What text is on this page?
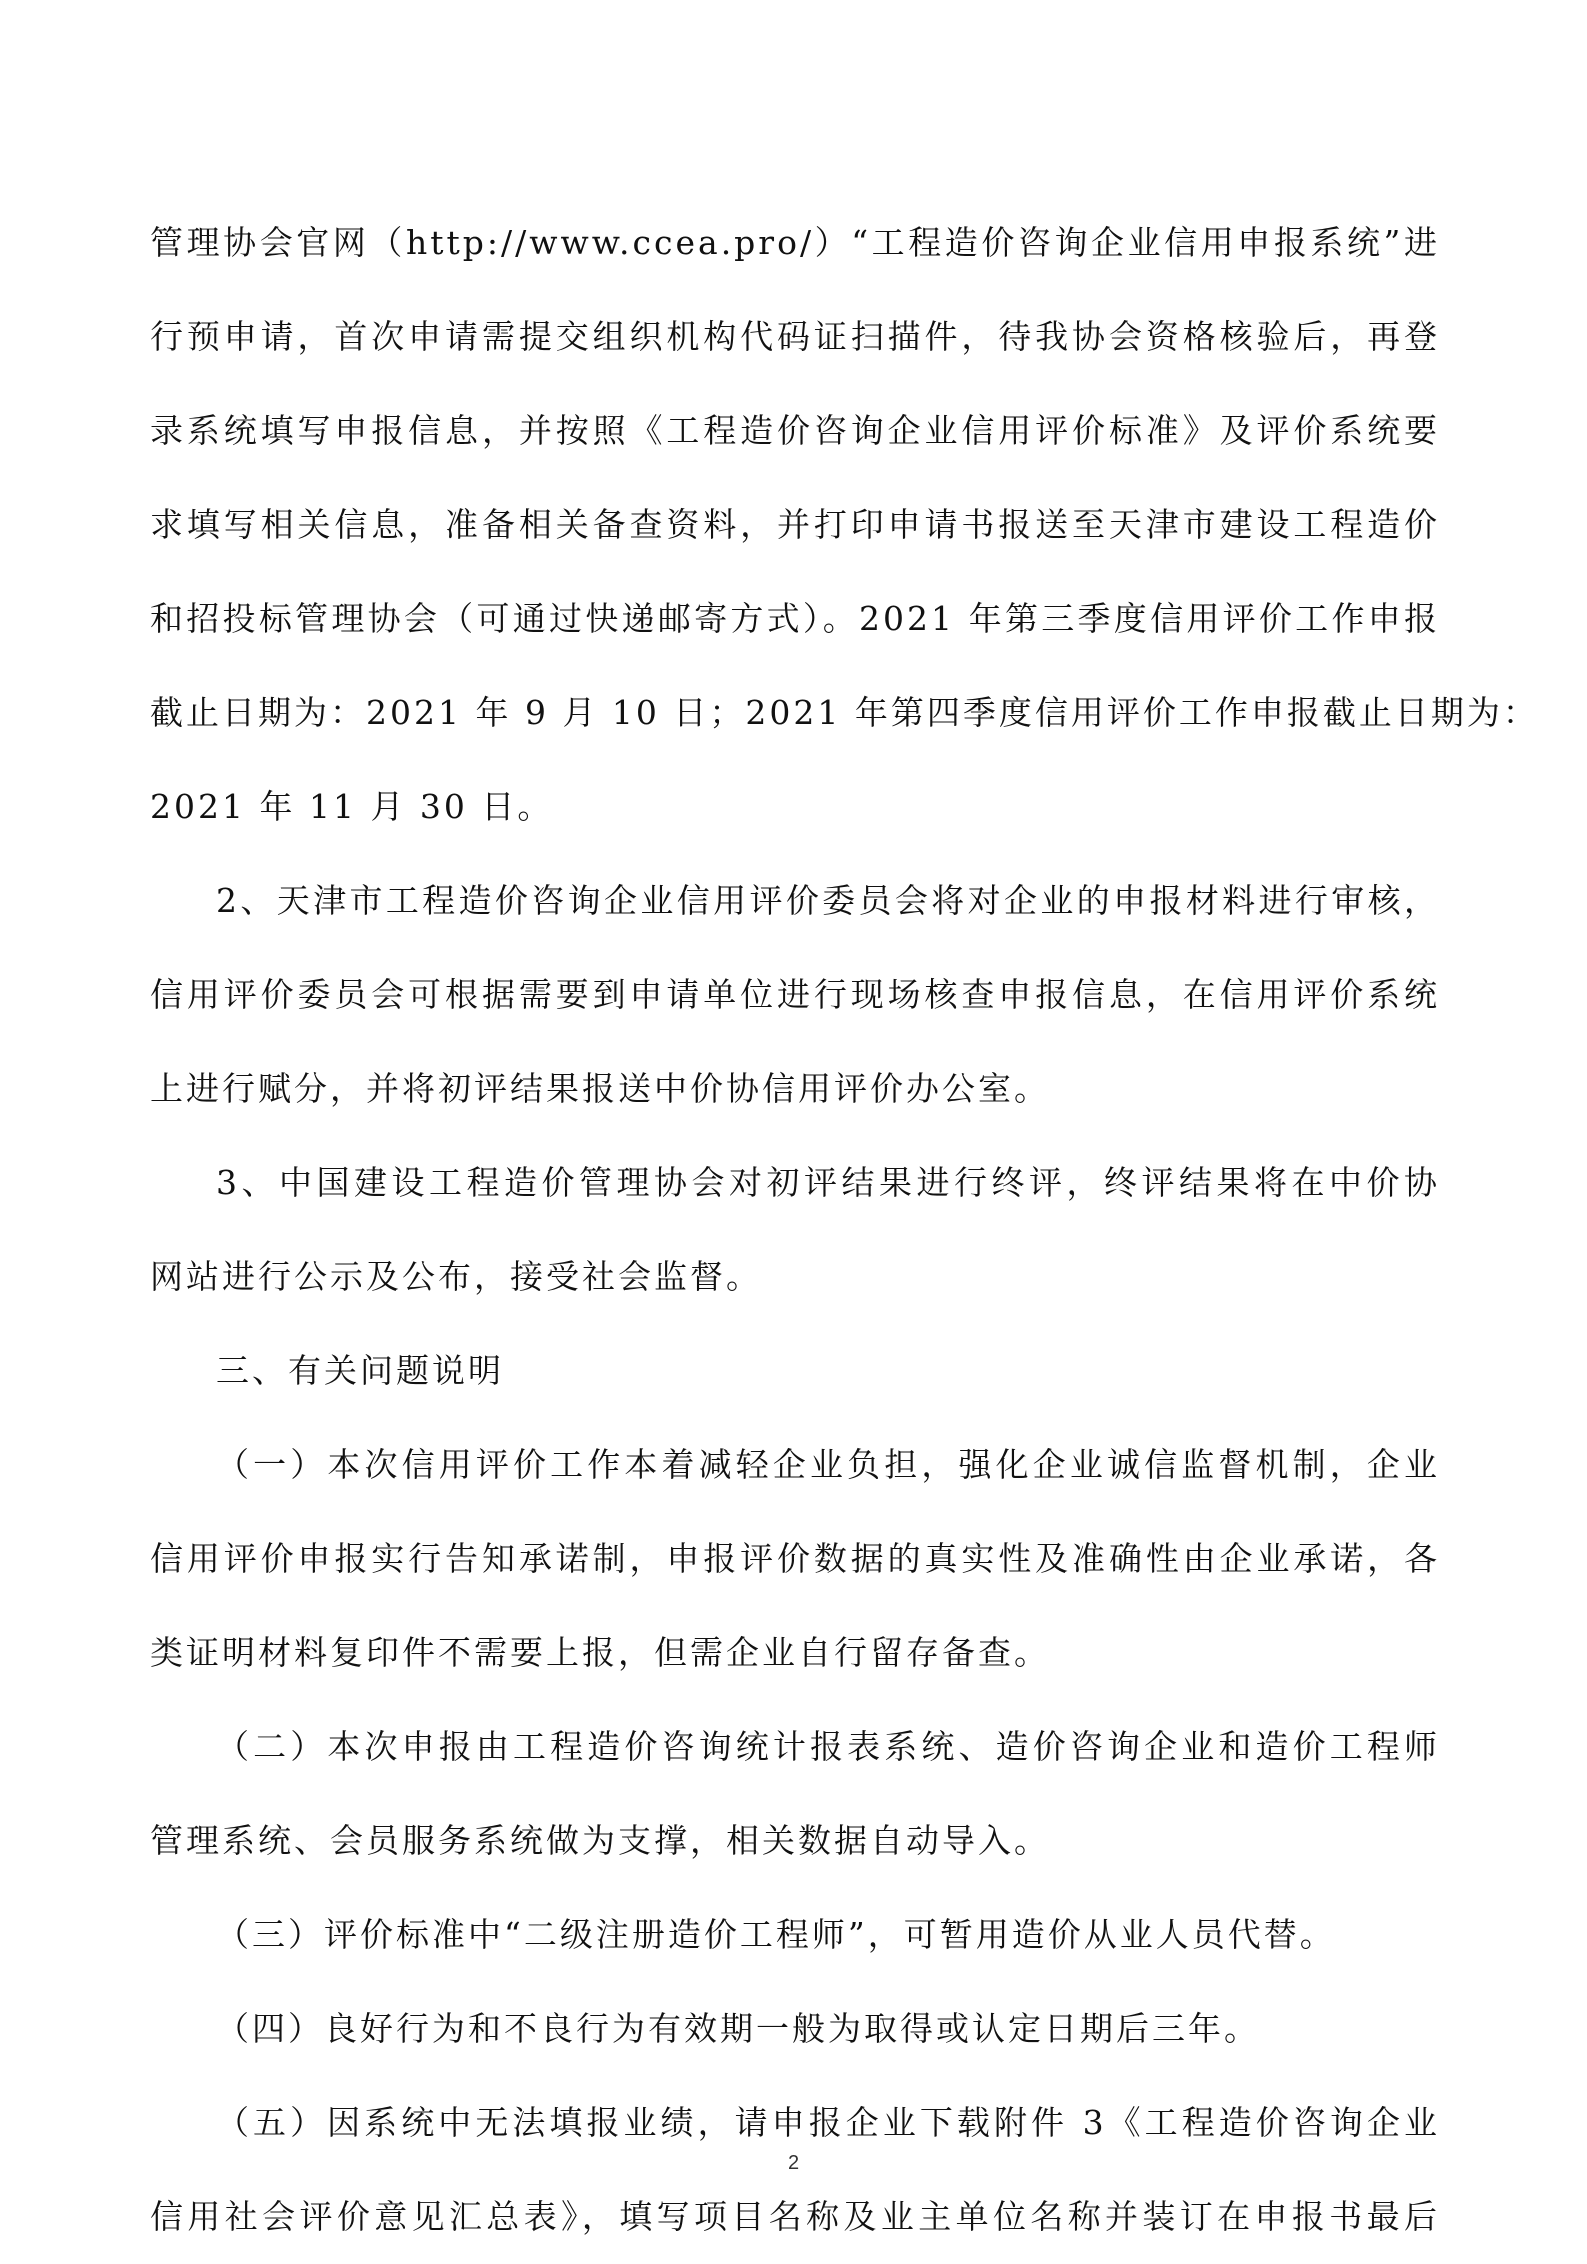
管理协会官网（http://www.ccea.pro/）“工程造价咨询企业信用申报系统”进
行预申请，首次申请需提交组织机构代码证扫描件，待我协会资格核验后，再登
录系统填写申报信息，并按照《工程造价咨询企业信用评价标准》及评价系统要
求填写相关信息，准备相关备查资料，并打印申请书报送至天津市建设工程造价
和招投标管理协会（可通过快递邮寄方式）。2021 年第三季度信用评价工作申报
截止日期为：2021 年 9 月 10 日；2021 年第四季度信用评价工作申报截止日期为：
2021 年 11 月 30 日。
2、天津市工程造价咨询企业信用评价委员会将对企业的申报材料进行审核，
信用评价委员会可根据需要到申请单位进行现场核查申报信息，在信用评价系统
上进行赋分，并将初评结果报送中价协信用评价办公室。
3、中国建设工程造价管理协会对初评结果进行终评，终评结果将在中价协
网站进行公示及公布，接受社会监督。
三、有关问题说明
（一）本次信用评价工作本着减轻企业负担，强化企业诚信监督机制，企业
信用评价申报实行告知承诺制，申报评价数据的真实性及准确性由企业承诺，各
类证明材料复印件不需要上报，但需企业自行留存备查。
（二）本次申报由工程造价咨询统计报表系统、造价咨询企业和造价工程师
管理系统、会员服务系统做为支撑，相关数据自动导入。
（三）评价标准中“二级注册造价工程师”，可暂用造价从业人员代替。
（四）良好行为和不良行为有效期一般为取得或认定日期后三年。
（五）因系统中无法填报业绩，请申报企业下载附件 3《工程造价咨询企业
信用社会评价意见汇总表》，填写项目名称及业主单位名称并装订在申报书最后
2
